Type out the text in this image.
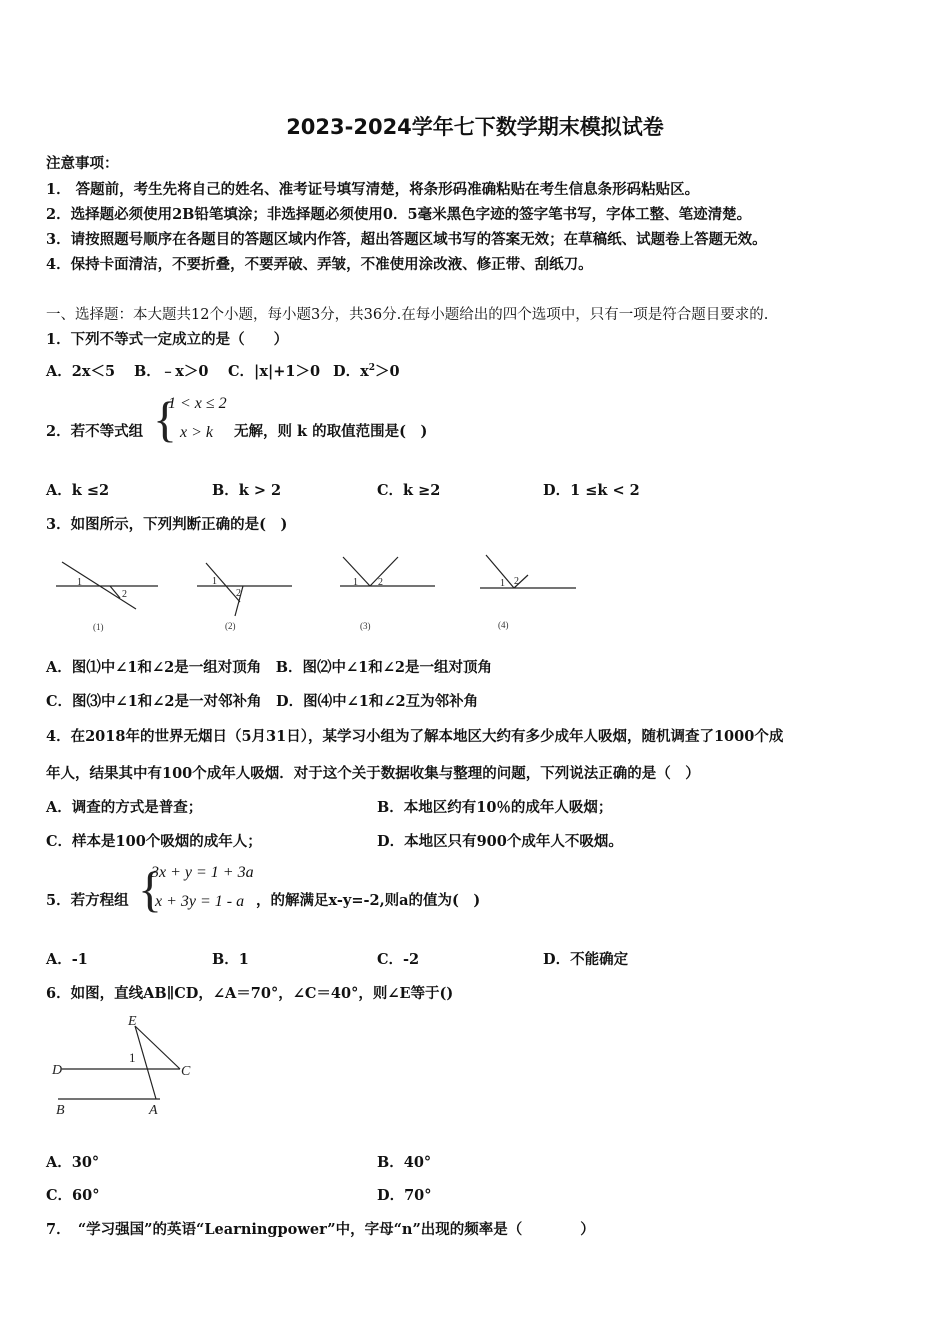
2023-2024学年七下数学期末模拟试卷
注意事项：
1． 答题前，考生先将自己的姓名、准考证号填写清楚，将条形码准确粘贴在考生信息条形码粘贴区。
2．选择题必须使用2B铅笔填涂；非选择题必须使用0．5毫米黑色字迹的签字笔书写，字体工整、笔迹清楚。
3．请按照题号顺序在各题目的答题区域内作答，超出答题区域书写的答案无效；在草稿纸、试题卷上答题无效。
4．保持卡面清洁，不要折叠，不要弄破、弄皱，不准使用涂改液、修正带、刮纸刀。
一、选择题：本大题共12个小题，每小题3分，共36分.在每小题给出的四个选项中，只有一项是符合题目要求的.
1．下列不等式一定成立的是（　　）
A．2x＜5 B．﹣x＞0 C．|x|+1＞0 D．$x^2>0$
2．若不等式组 {
1 < x ≤ 2
x > k 无解，则 k 的取值范围是(　)
A．k ≤2	B．k > 2	C．k ≥2	D．1 ≤k < 2
3．如图所示，下列判断正确的是(　)
1
2
1
2
1 2	1 2
(1)	(2)	(3)	(4)
A．图⑴中∠1和∠2是一组对顶角　B．图⑵中∠1和∠2是一组对顶角
C．图⑶中∠1和∠2是一对邻补角　D．图⑷中∠1和∠2互为邻补角
4．在2018年的世界无烟日（5月31日），某学习小组为了解本地区大约有多少成年人吸烟，随机调查了1000个成
年人，结果其中有100个成年人吸烟．对于这个关于数据收集与整理的问题，下列说法正确的是（　）
A．调查的方式是普查；	B．本地区约有10％的成年人吸烟；
C．样本是100个吸烟的成年人；	D．本地区只有900个成年人不吸烟。
5．若方程组 {
3x + y = 1 + 3a
x + 3y = 1 - a ，的解满足x-y=-2,则a的值为(　)
A．-1	B．1	C．-2	D．不能确定
6．如图，直线AB∥CD，∠A＝70°，∠C＝40°，则∠E等于()
E
D	C
B	A
1
A．30°	B．40°
C．60°	D．70°
7．　“学习强国”的英语“Learningpower”中，字母“n”出现的频率是（　　　　）
